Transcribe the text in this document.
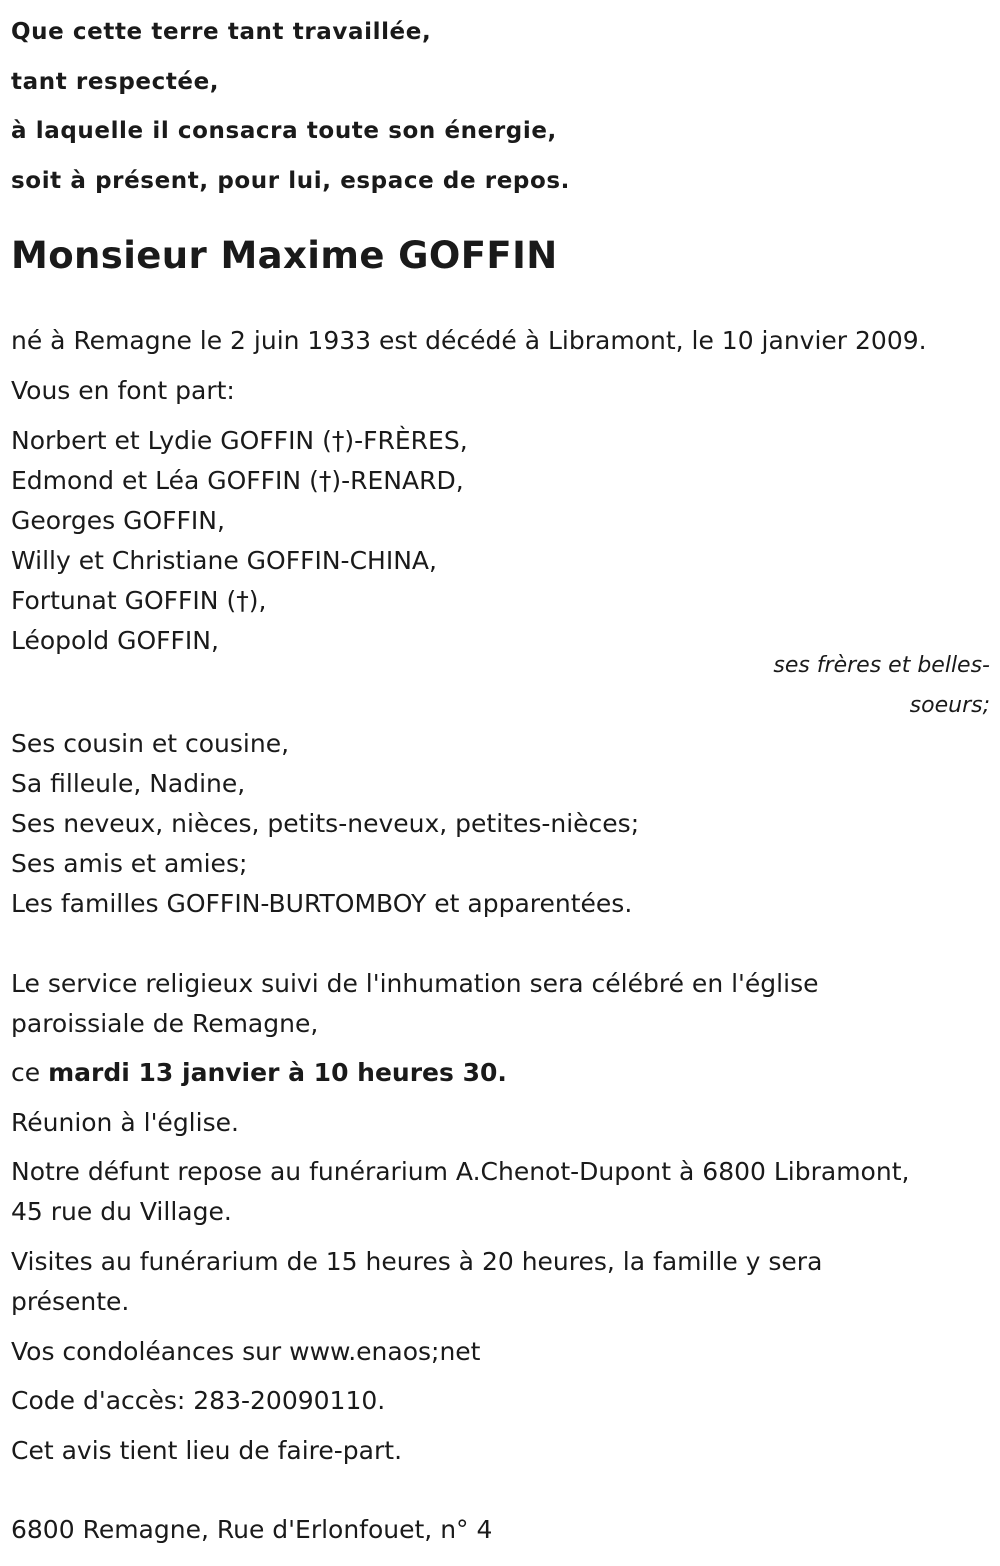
Que cette terre tant travaillée,
tant respectée,
à laquelle il consacra toute son énergie,
soit à présent, pour lui, espace de repos.
Monsieur Maxime GOFFIN
né à Remagne le 2 juin 1933 est décédé à Libramont, le 10 janvier 2009.
Vous en font part:
Norbert et Lydie GOFFIN (†)-FRÈRES,
Edmond et Léa GOFFIN (†)-RENARD,
Georges GOFFIN,
Willy et Christiane GOFFIN-CHINA,
Fortunat GOFFIN (†),
Léopold GOFFIN,
ses frères et belles-
soeurs;
Ses cousin et cousine,
Sa filleule, Nadine,
Ses neveux, nièces, petits-neveux, petites-nièces;
Ses amis et amies;
Les familles GOFFIN-BURTOMBOY et apparentées.
Le service religieux suivi de l'inhumation sera célébré en l'église
paroissiale de Remagne,
ce mardi 13 janvier à 10 heures 30.
Réunion à l'église.
Notre défunt repose au funérarium A.Chenot-Dupont à 6800 Libramont,
45 rue du Village.
Visites au funérarium de 15 heures à 20 heures, la famille y sera
présente.
Vos condoléances sur www.enaos;net
Code d'accès: 283-20090110.
Cet avis tient lieu de faire-part.
6800 Remagne, Rue d'Erlonfouet, n° 4
